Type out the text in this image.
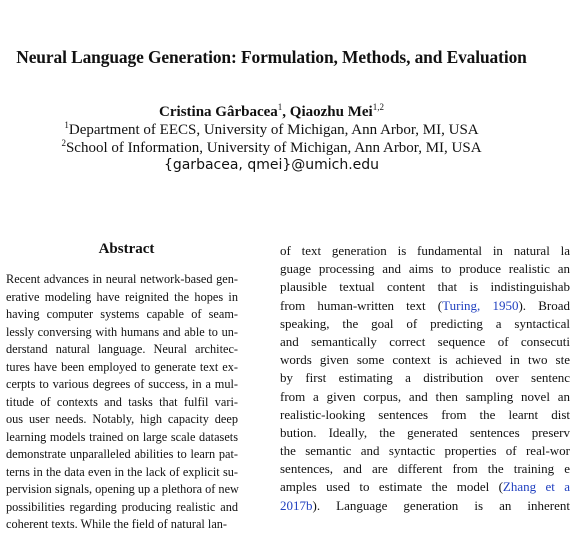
Neural Language Generation: Formulation, Methods, and Evaluation
Cristina Gârbacea$^1$, Qiaozhu Mei$^{1,2}$
$^1$Department of EECS, University of Michigan, Ann Arbor, MI, USA
$^2$School of Information, University of Michigan, Ann Arbor, MI, USA
{garbacea, qmei}@umich.edu
Abstract
Recent advances in neural network-based gen-
erative modeling have reignited the hopes in
having computer systems capable of seam-
lessly conversing with humans and able to un-
derstand natural language. Neural architec-
tures have been employed to generate text ex-
cerpts to various degrees of success, in a mul-
titude of contexts and tasks that fulfil vari-
ous user needs. Notably, high capacity deep
learning models trained on large scale datasets
demonstrate unparalleled abilities to learn pat-
terns in the data even in the lack of explicit su-
pervision signals, opening up a plethora of new
possibilities regarding producing realistic and
coherent texts. While the field of natural lan-
of text generation is fundamental in natural la
guage processing and aims to produce realistic an
plausible textual content that is indistinguishab
from human-written text (Turing, 1950). Broad
speaking, the goal of predicting a syntactical
and semantically correct sequence of consecuti
words given some context is achieved in two ste
by first estimating a distribution over sentenc
from a given corpus, and then sampling novel an
realistic-looking sentences from the learnt dist
bution. Ideally, the generated sentences preserv
the semantic and syntactic properties of real-wor
sentences, and are different from the training e
amples used to estimate the model (Zhang et a
2017b). Language generation is an inherent
